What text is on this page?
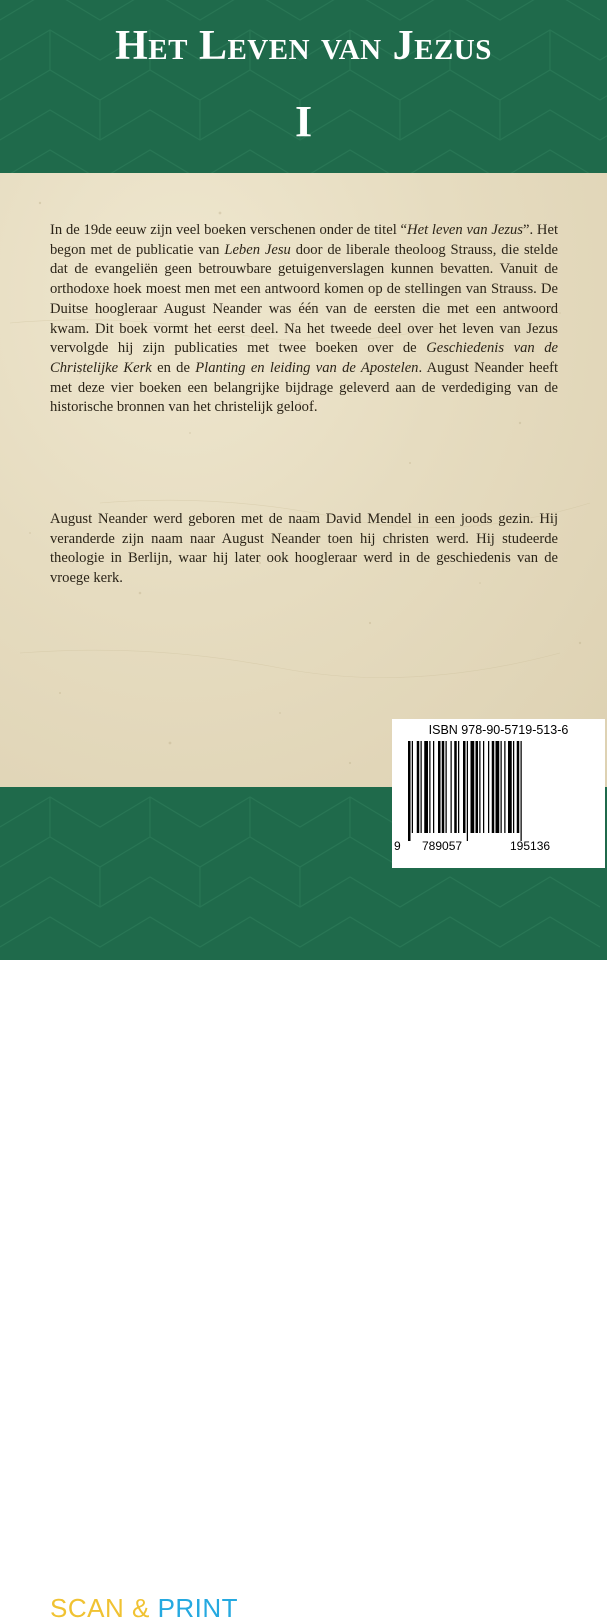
Het Leven van Jezus
I

In de 19de eeuw zijn veel boeken verschenen onder de titel “Het leven van Jezus”. Het begon met de publicatie van Leben Jesu door de liberale theoloog Strauss, die stelde dat de evangeliën geen betrouwbare getuigenverslagen kunnen bevatten. Vanuit de orthodoxe hoek moest men met een antwoord komen op de stellingen van Strauss. De Duitse hoogleraar August Neander was één van de eersten die met een antwoord kwam. Dit boek vormt het eerst deel. Na het tweede deel over het leven van Jezus vervolgde hij zijn publicaties met twee boeken over de Geschiedenis van de Christelijke Kerk en de Planting en leiding van de Apostelen. August Neander heeft met deze vier boeken een belangrijke bijdrage geleverd aan de verdediging van de historische bronnen van het christelijk geloof.

August Neander werd geboren met de naam David Mendel in een joods gezin. Hij veranderde zijn naam naar August Neander toen hij christen werd. Hij studeerde theologie in Berlijn, waar hij later ook hoogleraar werd in de geschiedenis van de vroege kerk.

SCAN & PRINT
ISBN 978-90-5719-513-6
9 789057	195136
